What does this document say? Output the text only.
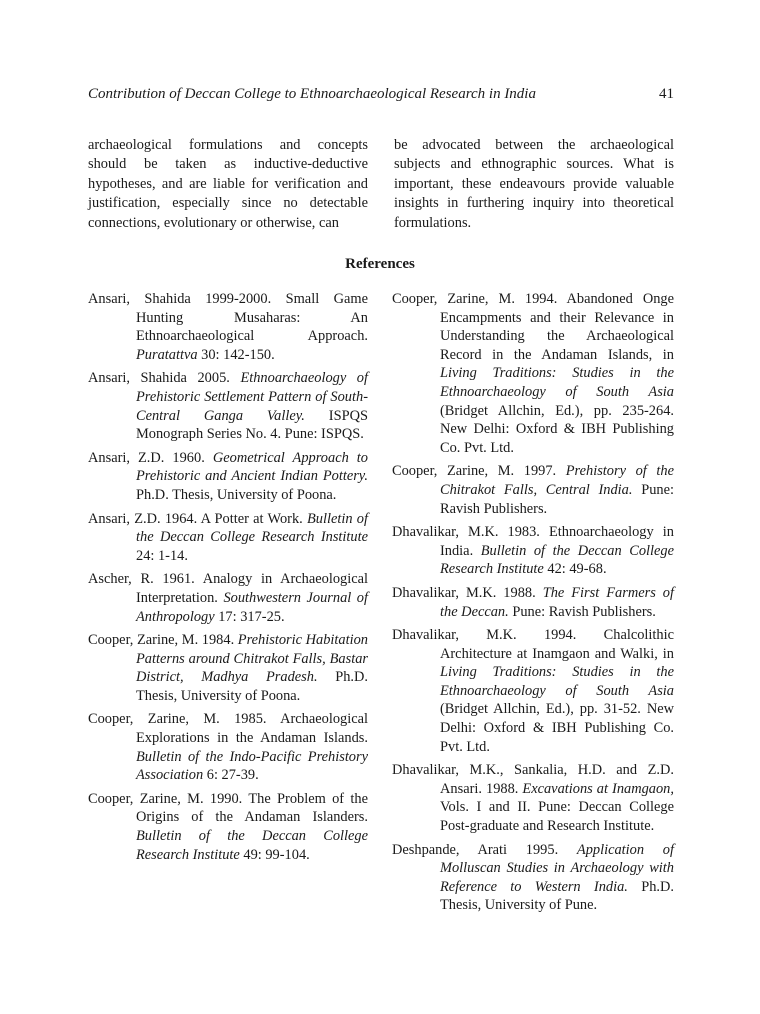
Contribution of Deccan College to Ethnoarchaeological Research in India	41

archaeological formulations and concepts should be taken as inductive-deductive hypotheses, and are liable for verification and justification, especially since no detectable connections, evolutionary or otherwise, can

be advocated between the archaeological subjects and ethnographic sources. What is important, these endeavours provide valuable insights in furthering inquiry into theoretical formulations.

References

Ansari, Shahida 1999-2000. Small Game Hunting Musaharas: An Ethnoarchaeological Approach. Puratattva 30: 142-150.

Ansari, Shahida 2005. Ethnoarchaeology of Prehistoric Settlement Pattern of South-Central Ganga Valley. ISPQS Monograph Series No. 4. Pune: ISPQS.

Ansari, Z.D. 1960. Geometrical Approach to Prehistoric and Ancient Indian Pottery. Ph.D. Thesis, University of Poona.

Ansari, Z.D. 1964. A Potter at Work. Bulletin of the Deccan College Research Institute 24: 1-14.

Ascher, R. 1961. Analogy in Archaeological Interpretation. Southwestern Journal of Anthropology 17: 317-25.

Cooper, Zarine, M. 1984. Prehistoric Habitation Patterns around Chitrakot Falls, Bastar District, Madhya Pradesh. Ph.D. Thesis, University of Poona.

Cooper, Zarine, M. 1985. Archaeological Explorations in the Andaman Islands. Bulletin of the Indo-Pacific Prehistory Association 6: 27-39.

Cooper, Zarine, M. 1990. The Problem of the Origins of the Andaman Islanders. Bulletin of the Deccan College Research Institute 49: 99-104.

Cooper, Zarine, M. 1994. Abandoned Onge Encampments and their Relevance in Understanding the Archaeological Record in the Andaman Islands, in Living Traditions: Studies in the Ethnoarchaeology of South Asia (Bridget Allchin, Ed.), pp. 235-264. New Delhi: Oxford & IBH Publishing Co. Pvt. Ltd.

Cooper, Zarine, M. 1997. Prehistory of the Chitrakot Falls, Central India. Pune: Ravish Publishers.

Dhavalikar, M.K. 1983. Ethnoarchaeology in India. Bulletin of the Deccan College Research Institute 42: 49-68.

Dhavalikar, M.K. 1988. The First Farmers of the Deccan. Pune: Ravish Publishers.

Dhavalikar, M.K. 1994. Chalcolithic Architecture at Inamgaon and Walki, in Living Traditions: Studies in the Ethnoarchaeology of South Asia (Bridget Allchin, Ed.), pp. 31-52. New Delhi: Oxford & IBH Publishing Co. Pvt. Ltd.

Dhavalikar, M.K., Sankalia, H.D. and Z.D. Ansari. 1988. Excavations at Inamgaon, Vols. I and II. Pune: Deccan College Post-graduate and Research Institute.

Deshpande, Arati 1995. Application of Molluscan Studies in Archaeology with Reference to Western India. Ph.D. Thesis, University of Pune.
